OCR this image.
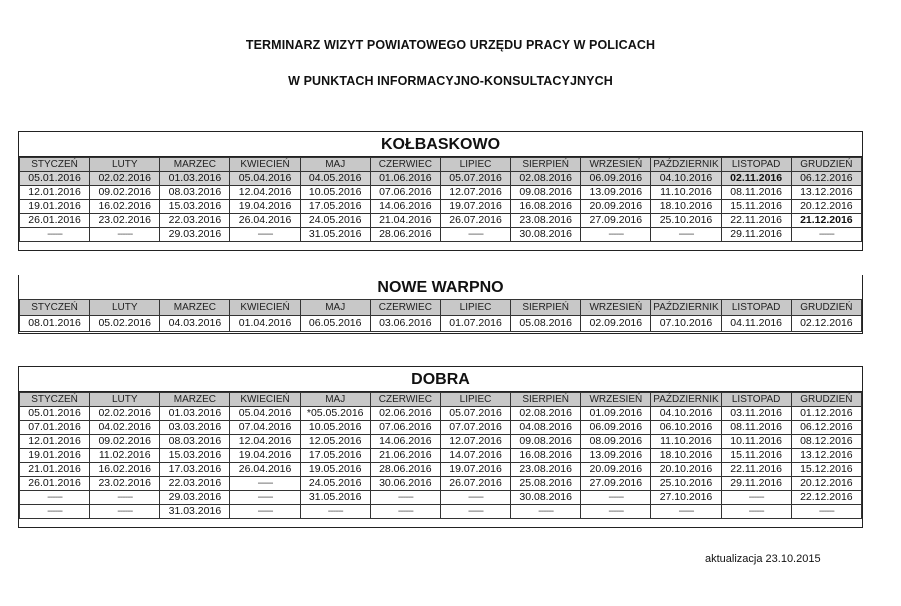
TERMINARZ WIZYT POWIATOWEGO URZĘDU PRACY W POLICACH
W PUNKTACH INFORMACYJNO-KONSULTACYJNYCH
KOŁBASKOWO
STYCZEŃ	LUTY	MARZEC	KWIECIEŃ	MAJ	CZERWIEC	LIPIEC	SIERPIEŃ	WRZESIEŃ	PAŹDZIERNIK	LISTOPAD	GRUDZIEŃ
05.01.2016	02.02.2016	01.03.2016	05.04.2016	04.05.2016	01.06.2016	05.07.2016	02.08.2016	06.09.2016	04.10.2016	02.11.2016	06.12.2016
12.01.2016	09.02.2016	08.03.2016	12.04.2016	10.05.2016	07.06.2016	12.07.2016	09.08.2016	13.09.2016	11.10.2016	08.11.2016	13.12.2016
19.01.2016	16.02.2016	15.03.2016	19.04.2016	17.05.2016	14.06.2016	19.07.2016	16.08.2016	20.09.2016	18.10.2016	15.11.2016	20.12.2016
26.01.2016	23.02.2016	22.03.2016	26.04.2016	24.05.2016	21.04.2016	26.07.2016	23.08.2016	27.09.2016	25.10.2016	22.11.2016	21.12.2016
------	------	29.03.2016	------	31.05.2016	28.06.2016	------	30.08.2016	------	------	29.11.2016	------
NOWE WARPNO
STYCZEŃ	LUTY	MARZEC	KWIECIEŃ	MAJ	CZERWIEC	LIPIEC	SIERPIEŃ	WRZESIEŃ	PAŹDZIERNIK	LISTOPAD	GRUDZIEŃ
08.01.2016	05.02.2016	04.03.2016	01.04.2016	06.05.2016	03.06.2016	01.07.2016	05.08.2016	02.09.2016	07.10.2016	04.11.2016	02.12.2016
DOBRA
STYCZEŃ	LUTY	MARZEC	KWIECIEŃ	MAJ	CZERWIEC	LIPIEC	SIERPIEŃ	WRZESIEŃ	PAŹDZIERNIK	LISTOPAD	GRUDZIEŃ
05.01.2016	02.02.2016	01.03.2016	05.04.2016	*05.05.2016	02.06.2016	05.07.2016	02.08.2016	01.09.2016	04.10.2016	03.11.2016	01.12.2016
07.01.2016	04.02.2016	03.03.2016	07.04.2016	10.05.2016	07.06.2016	07.07.2016	04.08.2016	06.09.2016	06.10.2016	08.11.2016	06.12.2016
12.01.2016	09.02.2016	08.03.2016	12.04.2016	12.05.2016	14.06.2016	12.07.2016	09.08.2016	08.09.2016	11.10.2016	10.11.2016	08.12.2016
19.01.2016	11.02.2016	15.03.2016	19.04.2016	17.05.2016	21.06.2016	14.07.2016	16.08.2016	13.09.2016	18.10.2016	15.11.2016	13.12.2016
21.01.2016	16.02.2016	17.03.2016	26.04.2016	19.05.2016	28.06.2016	19.07.2016	23.08.2016	20.09.2016	20.10.2016	22.11.2016	15.12.2016
26.01.2016	23.02.2016	22.03.2016	------	24.05.2016	30.06.2016	26.07.2016	25.08.2016	27.09.2016	25.10.2016	29.11.2016	20.12.2016
------	------	29.03.2016	------	31.05.2016	------	------	30.08.2016	------	27.10.2016	------	22.12.2016
------	------	31.03.2016	------	------	------	------	------	------	------	------	------
aktualizacja 23.10.2015
